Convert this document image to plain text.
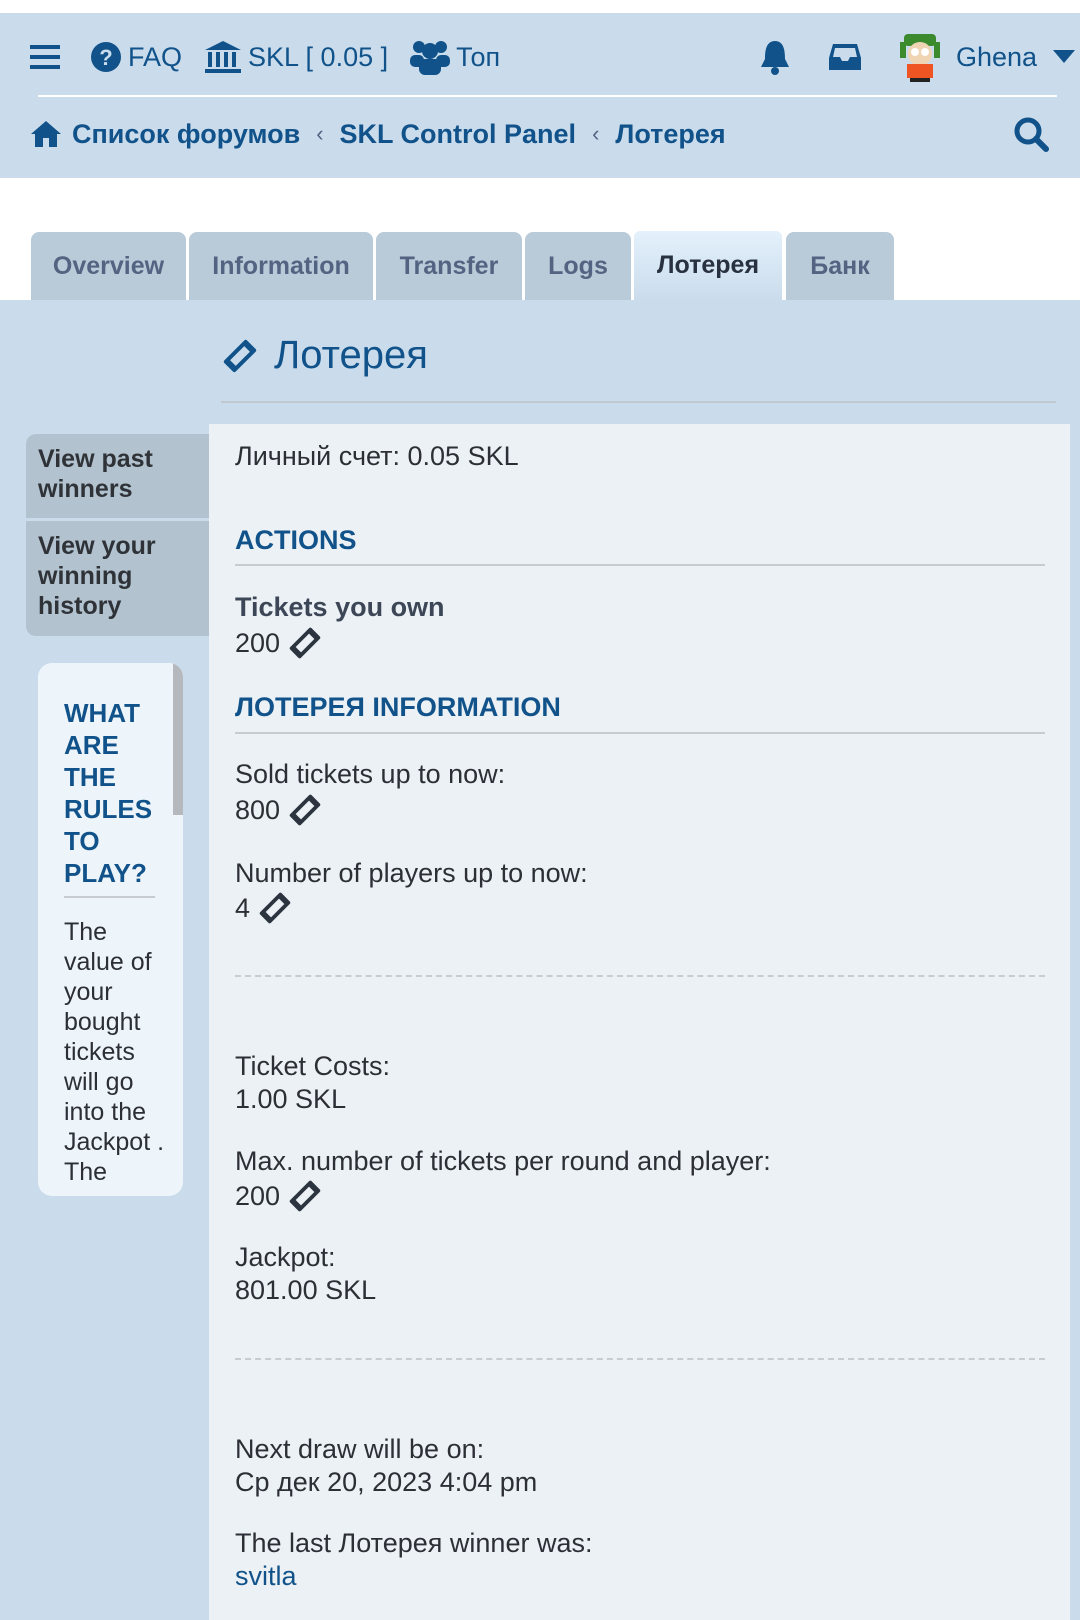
? FAQ SKL [ 0.05 ]	Топ	Ghena
Список форумов ‹ SKL Control Panel ‹ Лотерея
Overview	Information	Transfer	Logs	Лотерея	Банк
Лотерея
View past winners
View your winning history
WHAT ARE THE RULES TO PLAY?
The value of your bought tickets will go into the Jackpot . The
Личный счет: 0.05 SKL
ACTIONS
Tickets you own
200
ЛОТЕРЕЯ INFORMATION
Sold tickets up to now:
800
Number of players up to now:
4
Ticket Costs:
1.00 SKL
Max. number of tickets per round and player:
200
Jackpot:
801.00 SKL
Next draw will be on:
Ср дек 20, 2023 4:04 pm
The last Лотерея winner was:
svitla
